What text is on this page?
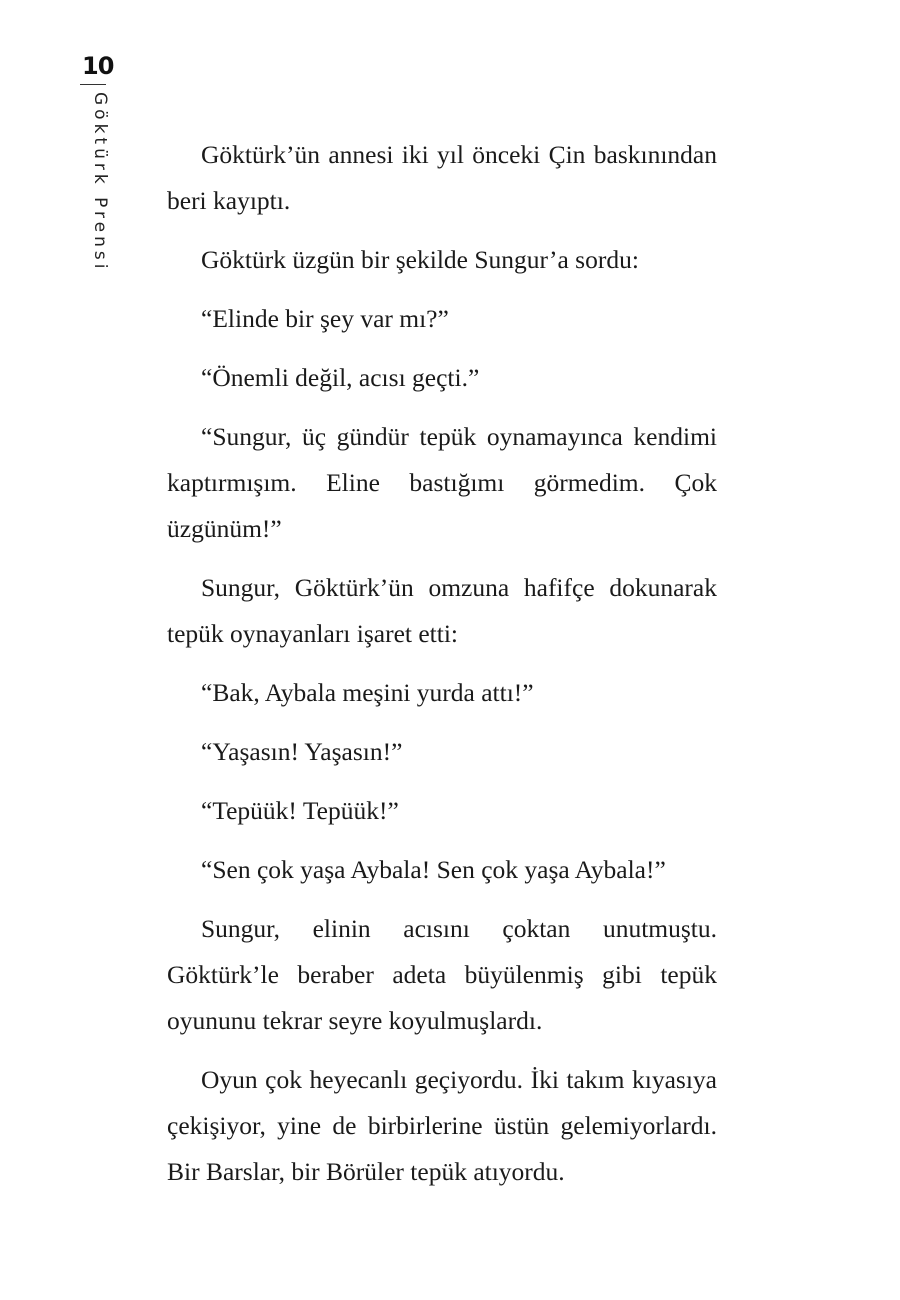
10
Göktürk Prensi	Göktürk’ün annesi iki yıl önceki Çin baskınından beri kayıptı.

Göktürk üzgün bir şekilde Sungur’a sordu:

“Elinde bir şey var mı?”

“Önemli değil, acısı geçti.”

“Sungur, üç gündür tepük oynamayınca kendimi kaptırmışım. Eline bastığımı görmedim. Çok üzgünüm!”

Sungur, Göktürk’ün omzuna hafifçe dokunarak tepük oynayanları işaret etti:

“Bak, Aybala meşini yurda attı!”

“Yaşasın! Yaşasın!”

“Tepüük! Tepüük!”

“Sen çok yaşa Aybala! Sen çok yaşa Aybala!”

Sungur, elinin acısını çoktan unutmuştu. Göktürk’le beraber adeta büyülenmiş gibi tepük oyununu tekrar seyre koyulmuşlardı.

Oyun çok heyecanlı geçiyordu. İki takım kıyasıya çekişiyor, yine de birbirlerine üstün gelemiyorlardı. Bir Barslar, bir Börüler tepük atıyordu.
